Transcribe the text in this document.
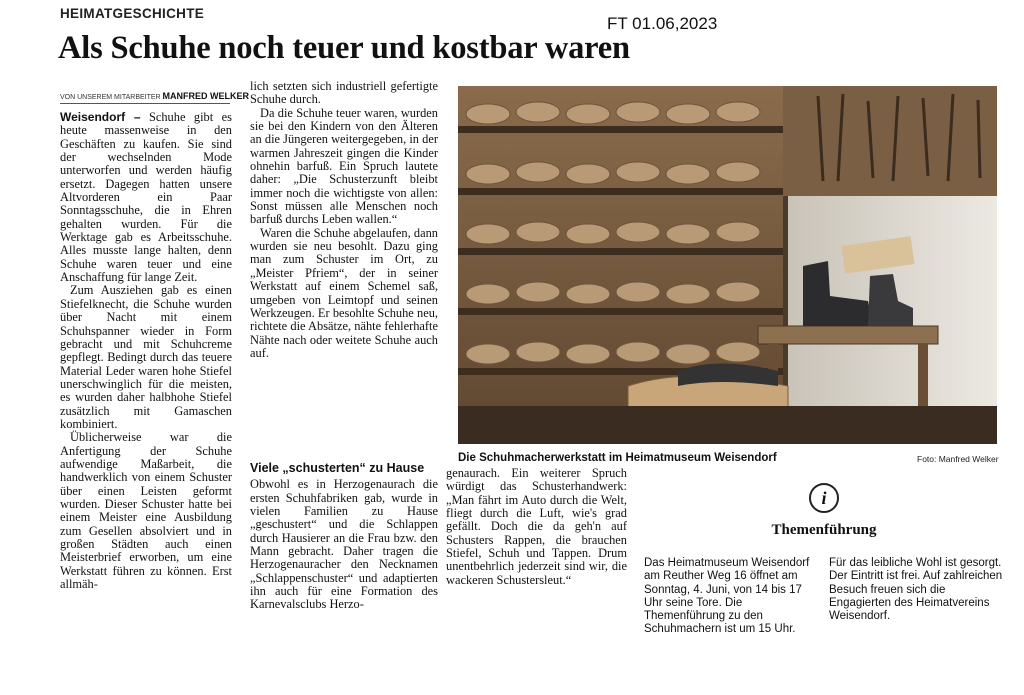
HEIMATGESCHICHTE
FT 01.06,2023
Als Schuhe noch teuer und kostbar waren
VON UNSEREM MITARBEITER MANFRED WELKER

Weisendorf – Schuhe gibt es heute massenweise in den Geschäften zu kaufen. Sie sind der wechselnden Mode unterworfen und werden häufig ersetzt. Dagegen hatten unsere Altvorderen ein Paar Sonntagsschuhe, die in Ehren gehalten wurden. Für die Werktage gab es Arbeitsschuhe. Alles musste lange halten, denn Schuhe waren teuer und eine Anschaffung für lange Zeit.

Zum Ausziehen gab es einen Stiefelknecht, die Schuhe wurden über Nacht mit einem Schuhspanner wieder in Form gebracht und mit Schuhcreme gepflegt. Bedingt durch das teuere Material Leder waren hohe Stiefel unerschwinglich für die meisten, es wurden daher halbhohe Stiefel zusätzlich mit Gamaschen kombiniert.

Üblicherweise war die Anfertigung der Schuhe aufwendige Maßarbeit, die handwerklich von einem Schuster über einen Leisten geformt wurden. Dieser Schuster hatte bei einem Meister eine Ausbildung zum Gesellen absolviert und in großen Städten auch einen Meisterbrief erworben, um eine Werkstatt führen zu können. Erst allmäh-

lich setzten sich industriell gefertigte Schuhe durch.

Da die Schuhe teuer waren, wurden sie bei den Kindern von den Älteren an die Jüngeren weitergegeben, in der warmen Jahreszeit gingen die Kinder ohnehin barfuß. Ein Spruch lautete daher: „Die Schusterzunft bleibt immer noch die wichtigste von allen: Sonst müssen alle Menschen noch barfuß durchs Leben wallen.“

Waren die Schuhe abgelaufen, dann wurden sie neu besohlt. Dazu ging man zum Schuster im Ort, zu „Meister Pfriem“, der in seiner Werkstatt auf einem Schemel saß, umgeben von Leimtopf und seinen Werkzeugen. Er besohlte Schuhe neu, richtete die Absätze, nähte fehlerhafte Nähte nach oder weitete Schuhe auch auf.

Viele „schusterten“ zu Hause

Obwohl es in Herzogenaurach die ersten Schuhfabriken gab, wurde in vielen Familien zu Hause „geschustert“ und die Schlappen durch Hausierer an die Frau bzw. den Mann gebracht. Daher tragen die Herzogenauracher den Necknamen „Schlappenschuster“ und adaptierten ihn auch für eine Formation des Karnevalsclubs Herzo-

genaurach. Ein weiterer Spruch würdigt das Schusterhandwerk: „Man fährt im Auto durch die Welt, fliegt durch die Luft, wie's grad gefällt. Doch die da geh'n auf Schusters Rappen, die brauchen Stiefel, Schuh und Tappen. Drum unentbehrlich jederzeit sind wir, die wackeren Schustersleut.“

Die Schuhmacherwerkstatt im Heimatmuseum Weisendorf	Foto: Manfred Welker
i
Themenführung
Das Heimatmuseum Weisendorf am Reuther Weg 16 öffnet am Sonntag, 4. Juni, von 14 bis 17 Uhr seine Tore. Die Themenführung zu den Schuhmachern ist um 15 Uhr.
Für das leibliche Wohl ist gesorgt. Der Eintritt ist frei. Auf zahlreichen Besuch freuen sich die Engagierten des Heimatvereins Weisendorf.
